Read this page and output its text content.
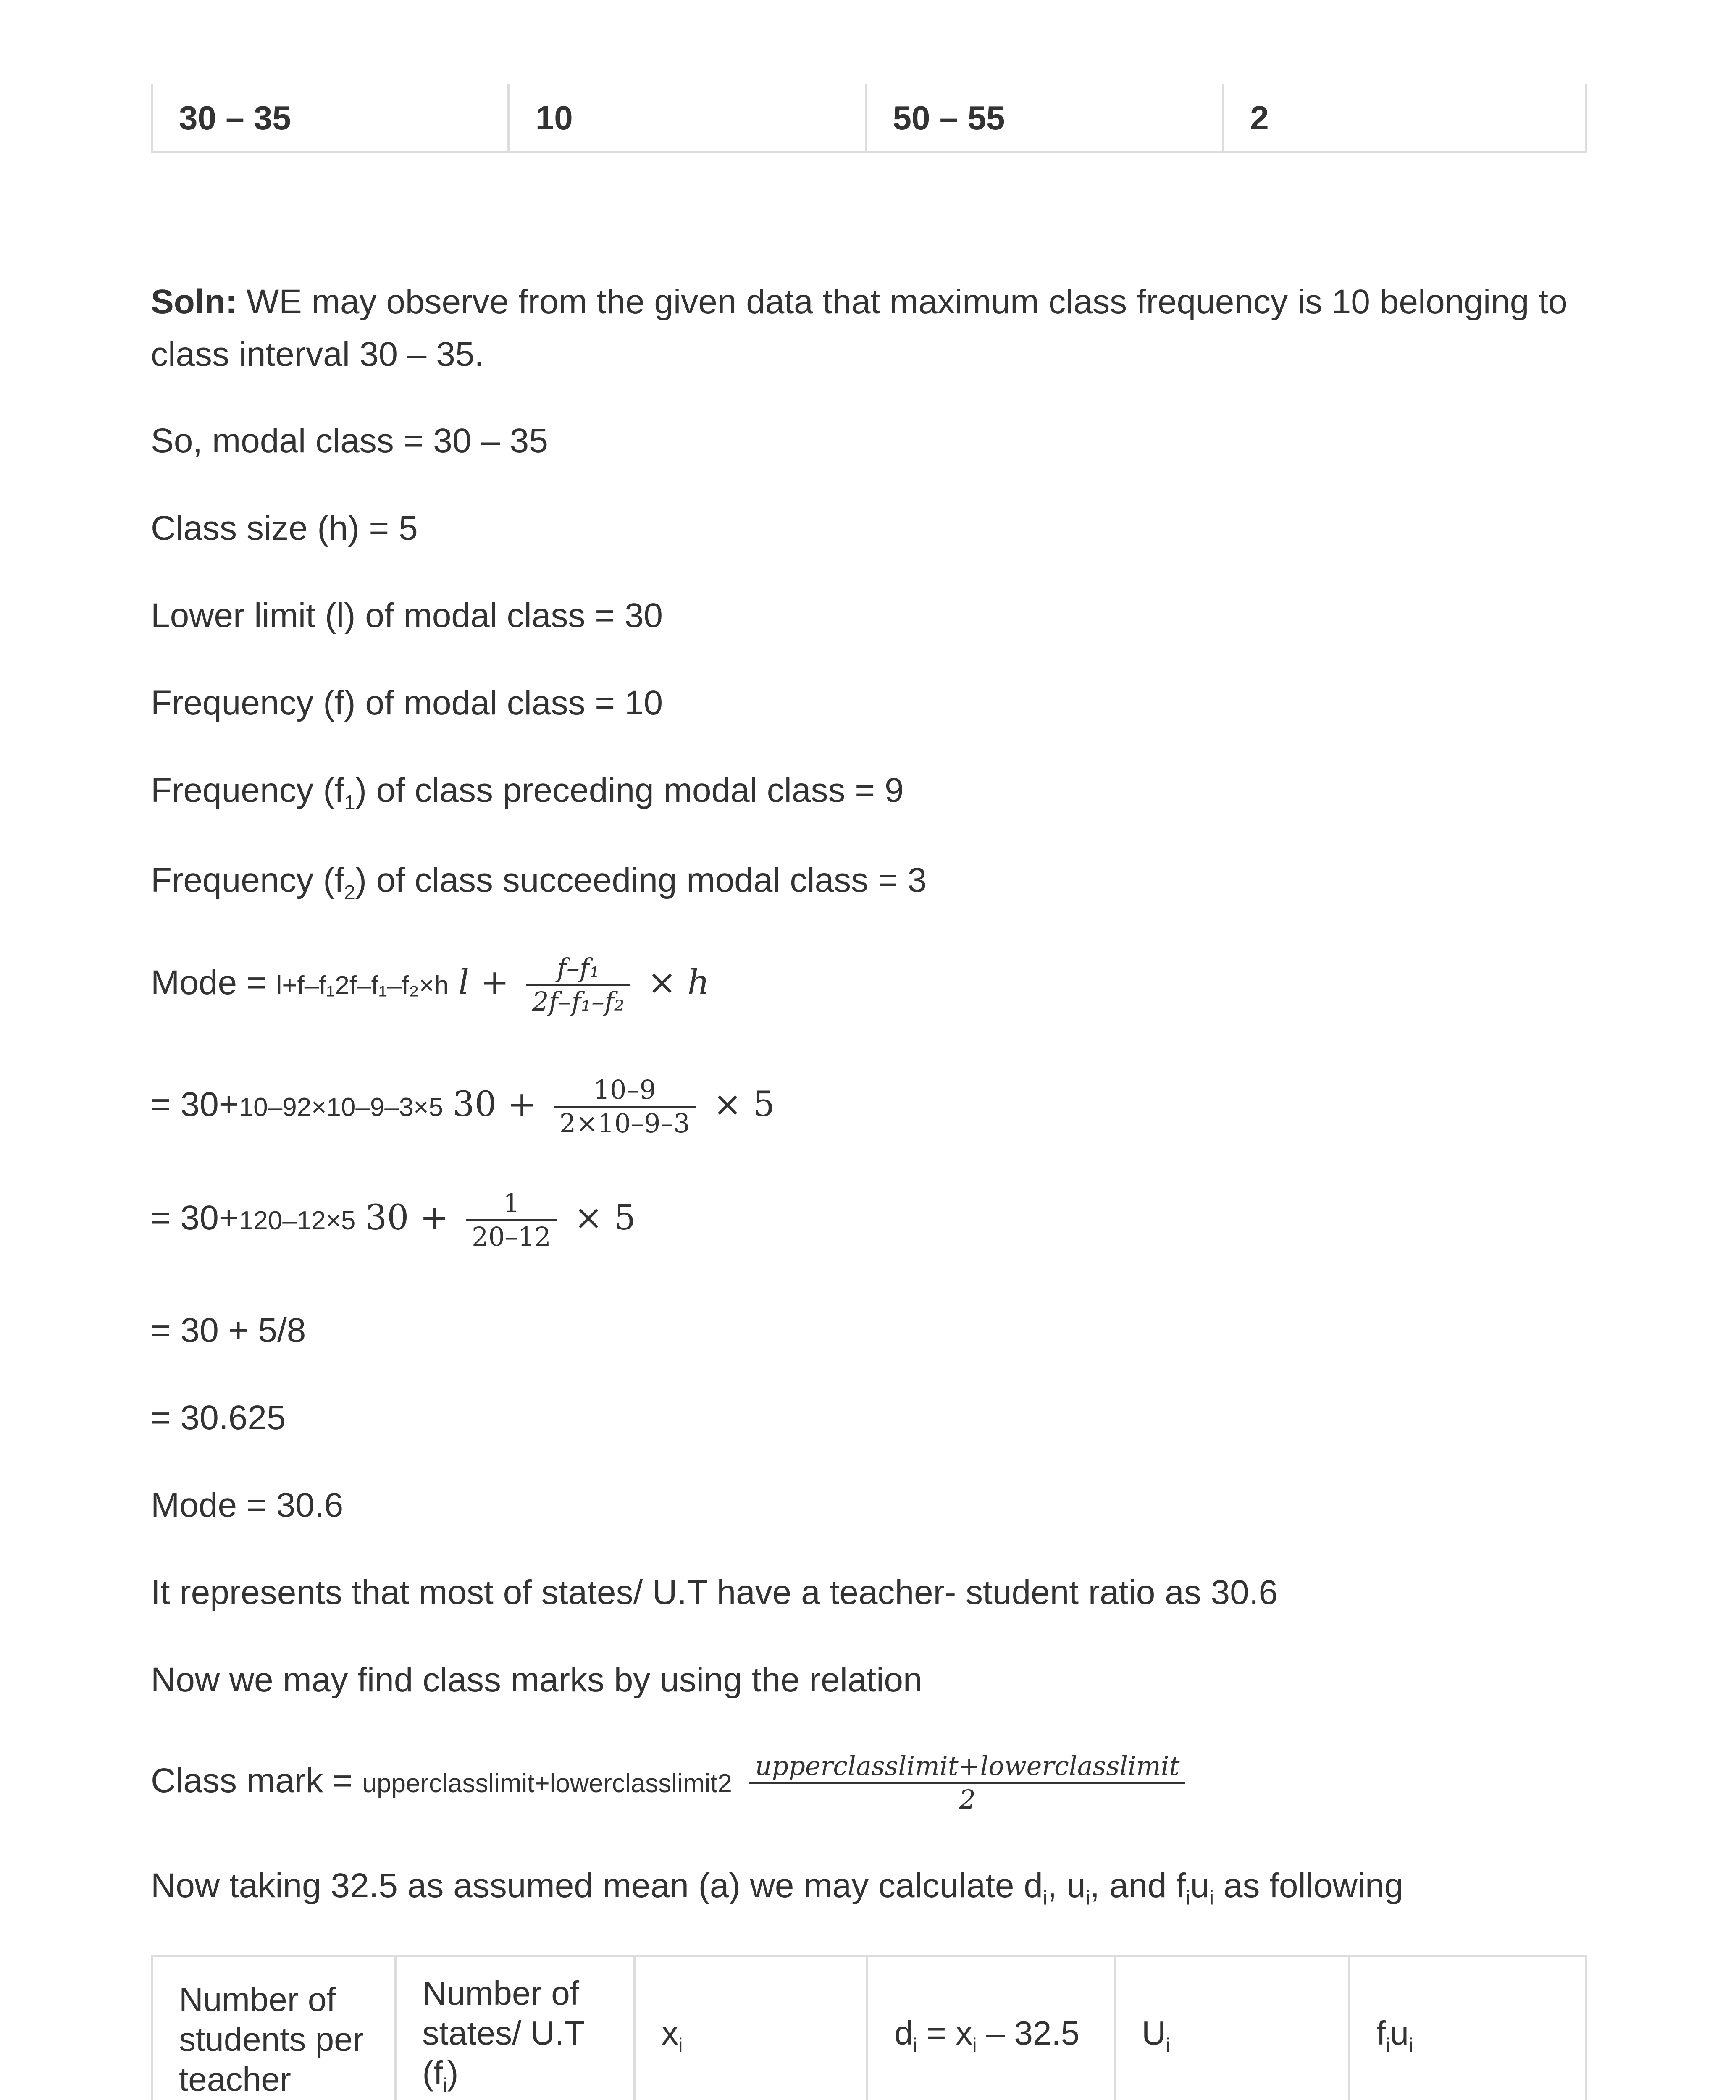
30 – 35	10	50 – 55	2
Soln: WE may observe from the given data that maximum class frequency is 10 belonging to class interval 30 – 35.
So, modal class = 30 – 35
Class size (h) = 5
Lower limit (l) of modal class = 30
Frequency (f) of modal class = 10
Frequency $(f_1)$ of class preceding modal class = 9
Frequency $(f_2)$ of class succeeding modal class = 3
Mode = l+f–f₁2f–f₁–f₂×h $l + \frac{\text{f–f₁}}{\text{2f–f₁–f₂}} \times h$
= 30+10–92×10–9–3×5 $30 + \frac{10-9}{2\times 10-9-3} \times 5$
= 30+120–12×5 $30 + \frac{1}{20-12} \times 5$
= 30 + 5/8
= 30.625
Mode = 30.6
It represents that most of states/ U.T have a teacher- student ratio as 30.6
Now we may find class marks by using the relation
Class mark = upperclasslimit+lowerclasslimit2 $\frac{\text{upperclasslimit+lowerclasslimit}}{2}$
Now taking 32.5 as assumed mean (a) we may calculate $d_i$, $u_i$, and $f_iu_i$ as following
Number of students per teacher	Number of states/ U.T $(f_i)$	$x_i$	$d_i = x_i - 32.5$	$U_i$	$f_iu_i$
